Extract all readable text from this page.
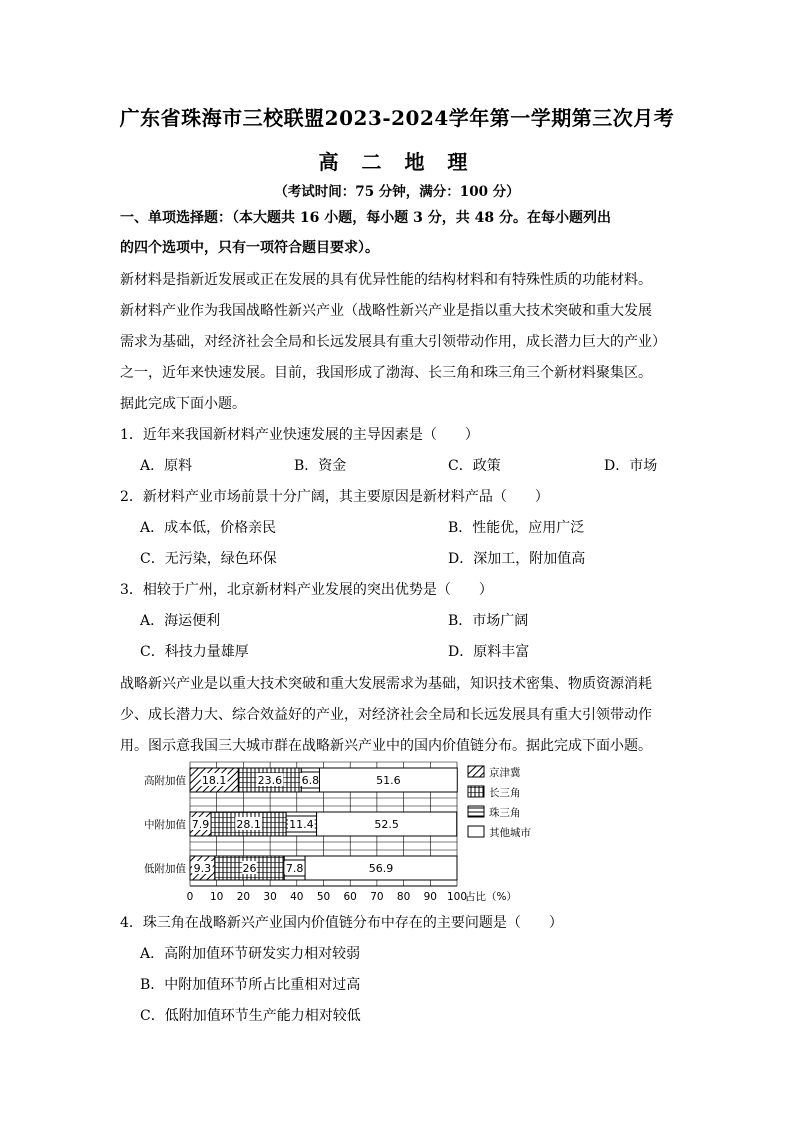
广东省珠海市三校联盟2023-2024学年第一学期第三次月考
高 二 地 理
（考试时间：75 分钟，满分：100 分）
一、单项选择题：（本大题共 16 小题，每小题 3 分，共 48 分。在每小题列出
的四个选项中，只有一项符合题目要求）。
新材料是指新近发展或正在发展的具有优异性能的结构材料和有特殊性质的功能材料。
新材料产业作为我国战略性新兴产业（战略性新兴产业是指以重大技术突破和重大发展
需求为基础，对经济社会全局和长远发展具有重大引领带动作用，成长潜力巨大的产业）
之一，近年来快速发展。目前，我国形成了渤海、长三角和珠三角三个新材料聚集区。
据此完成下面小题。
1．近年来我国新材料产业快速发展的主导因素是（　　）
A．原料	B．资金	C．政策	D．市场
2．新材料产业市场前景十分广阔，其主要原因是新材料产品（　　）
A．成本低，价格亲民	B．性能优，应用广泛
C．无污染，绿色环保	D．深加工，附加值高
3．相较于广州，北京新材料产业发展的突出优势是（　　）
A．海运便利	B．市场广阔
C．科技力量雄厚	D．原料丰富
战略新兴产业是以重大技术突破和重大发展需求为基础，知识技术密集、物质资源消耗
少、成长潜力大、综合效益好的产业，对经济社会全局和长远发展具有重大引领带动作
用。图示意我国三大城市群在战略新兴产业中的国内价值链分布。据此完成下面小题。
18.1	23.6 6.8	51.6
7.9 28.1	11.4	52.5
9.3	26	7.8	56.9
高附加值
中附加值
低附加值
0 10 20 30 40 50 60 70 80 90 100
占比（%）
京津冀
长三角
珠三角
其他城市
4．珠三角在战略新兴产业国内价值链分布中存在的主要问题是（　　）
A．高附加值环节研发实力相对较弱
B．中附加值环节所占比重相对过高
C．低附加值环节生产能力相对较低
